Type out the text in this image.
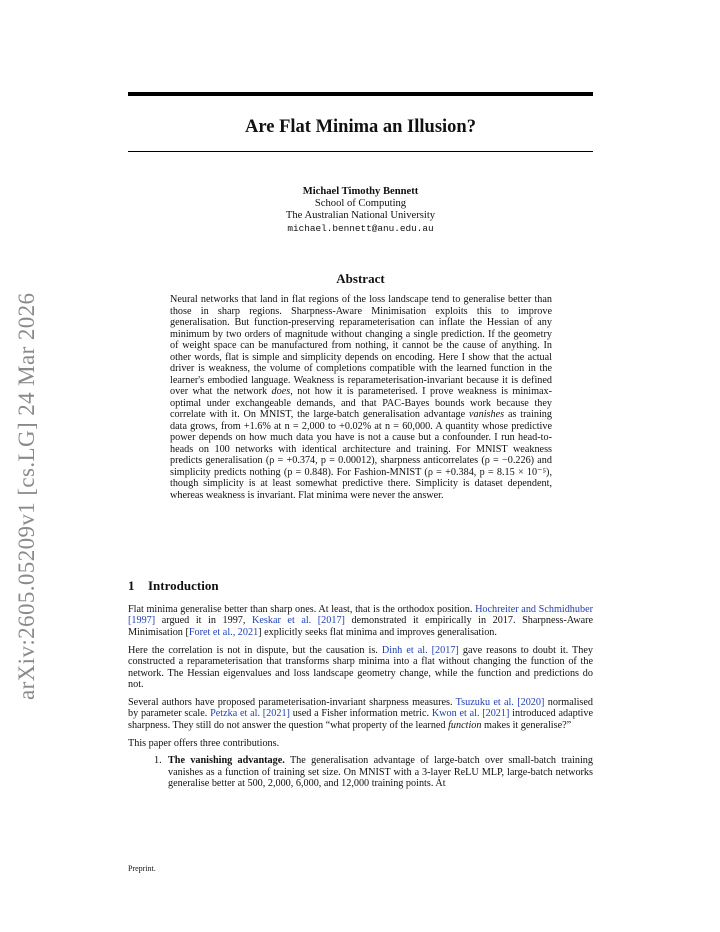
arXiv:2605.05209v1 [cs.LG] 24 Mar 2026
Are Flat Minima an Illusion?
Michael Timothy Bennett
School of Computing
The Australian National University
michael.bennett@anu.edu.au
Abstract

Neural networks that land in flat regions of the loss landscape tend to generalise better than those in sharp regions. Sharpness-Aware Minimisation exploits this to improve generalisation. But function-preserving reparameterisation can inflate the Hessian of any minimum by two orders of magnitude without changing a single prediction. If the geometry of weight space can be manufactured from nothing, it cannot be the cause of anything. In other words, flat is simple and simplicity depends on encoding. Here I show that the actual driver is weakness, the volume of completions compatible with the learned function in the learner's embodied language. Weakness is reparameterisation-invariant because it is defined over what the network does, not how it is parameterised. I prove weakness is minimax-optimal under exchangeable demands, and that PAC-Bayes bounds work because they correlate with it. On MNIST, the large-batch generalisation advantage vanishes as training data grows, from +1.6% at n = 2,000 to +0.02% at n = 60,000. A quantity whose predictive power depends on how much data you have is not a cause but a confounder. I run head-to-heads on 100 networks with identical architecture and training. For MNIST weakness predicts generalisation (ρ = +0.374, p = 0.00012), sharpness anticorrelates (ρ = −0.226) and simplicity predicts nothing (p = 0.848). For Fashion-MNIST (ρ = +0.384, p = 8.15 × 10⁻⁵), though simplicity is at least somewhat predictive there. Simplicity is dataset dependent, whereas weakness is invariant. Flat minima were never the answer.

1 Introduction

Flat minima generalise better than sharp ones. At least, that is the orthodox position. Hochreiter and Schmidhuber [1997] argued it in 1997, Keskar et al. [2017] demonstrated it empirically in 2017. Sharpness-Aware Minimisation [Foret et al., 2021] explicitly seeks flat minima and improves generalisation.

Here the correlation is not in dispute, but the causation is. Dinh et al. [2017] gave reasons to doubt it. They constructed a reparameterisation that transforms sharp minima into a flat without changing the function of the network. The Hessian eigenvalues and loss landscape geometry change, while the function and predictions do not.

Several authors have proposed parameterisation-invariant sharpness measures. Tsuzuku et al. [2020] normalised by parameter scale. Petzka et al. [2021] used a Fisher information metric. Kwon et al. [2021] introduced adaptive sharpness. They still do not answer the question “what property of the learned function makes it generalise?”

This paper offers three contributions.

1. The vanishing advantage. The generalisation advantage of large-batch over small-batch training vanishes as a function of training set size. On MNIST with a 3-layer ReLU MLP, large-batch networks generalise better at 500, 2,000, 6,000, and 12,000 training points. At
Preprint.
